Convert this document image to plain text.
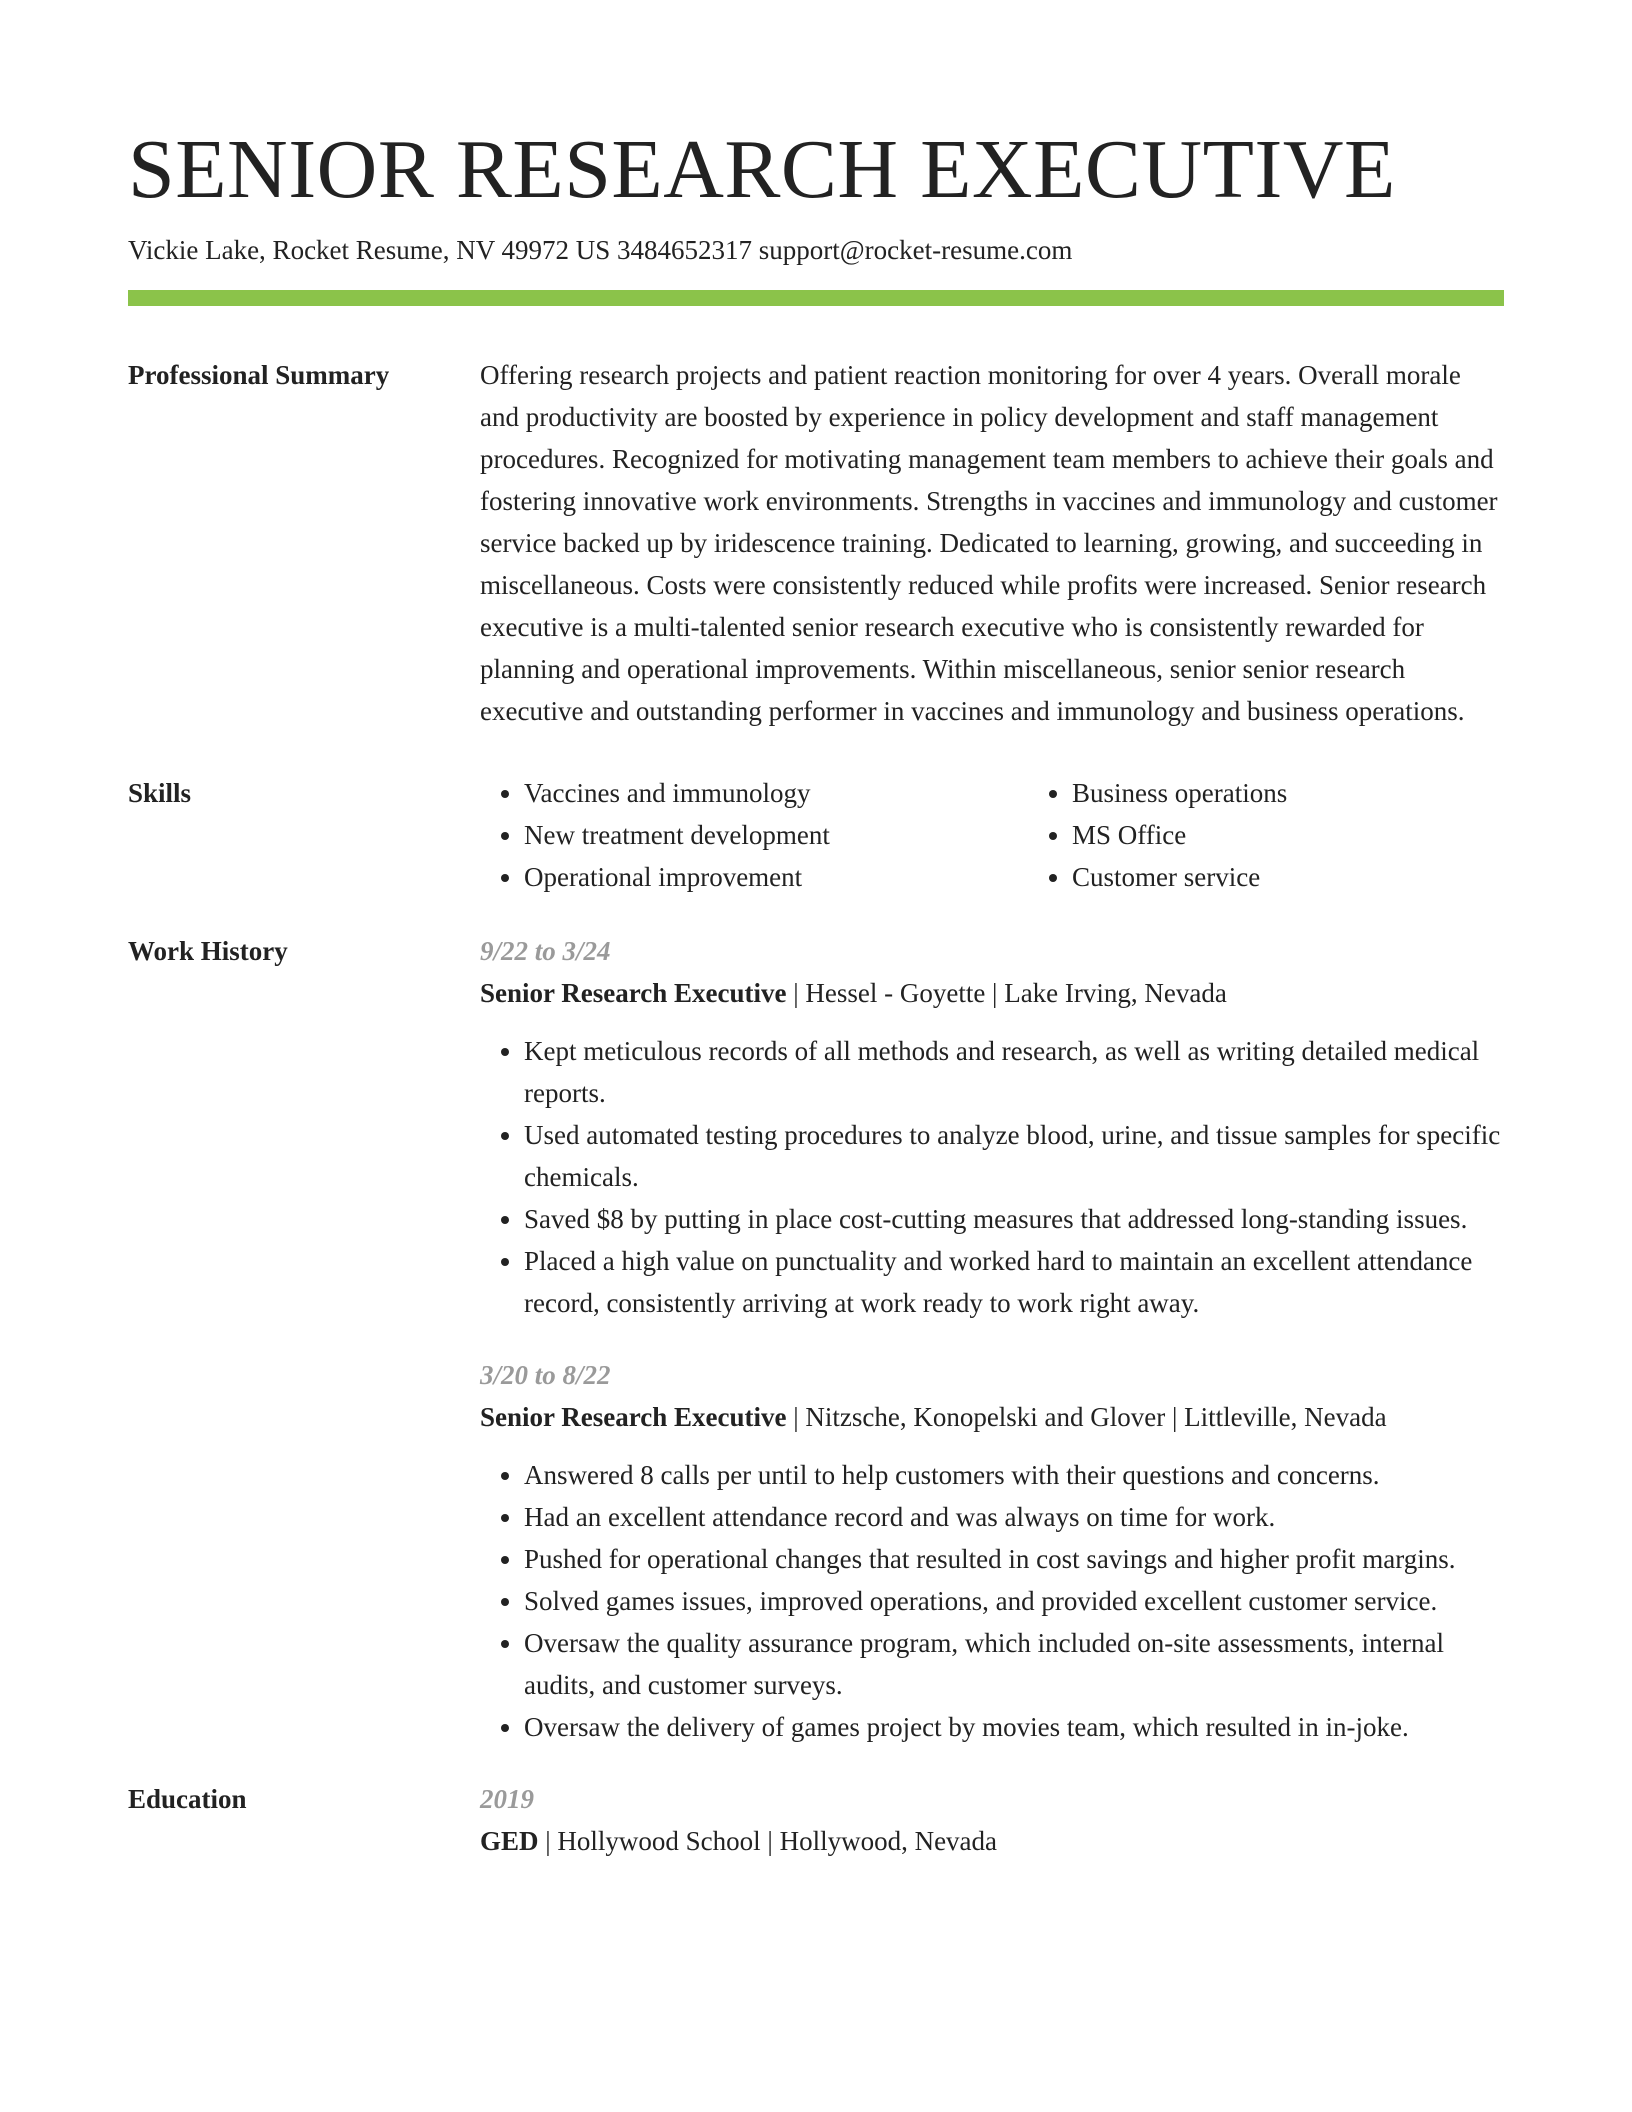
SENIOR RESEARCH EXECUTIVE
Vickie Lake, Rocket Resume, NV 49972 US 3484652317 support@rocket-resume.com
Professional Summary	Offering research projects and patient reaction monitoring for over 4 years. Overall morale and productivity are boosted by experience in policy development and staff management procedures. Recognized for motivating management team members to achieve their goals and fostering innovative work environments. Strengths in vaccines and immunology and customer service backed up by iridescence training. Dedicated to learning, growing, and succeeding in miscellaneous. Costs were consistently reduced while profits were increased. Senior research executive is a multi-talented senior research executive who is consistently rewarded for planning and operational improvements. Within miscellaneous, senior senior research executive and outstanding performer in vaccines and immunology and business operations.

Skills
•	Vaccines and immunology
• New treatment development
• Operational improvement
• Business operations
• MS Office
• Customer service
Work History	9/22 to 3/24
Senior Research Executive | Hessel - Goyette | Lake Irving, Nevada
• Kept meticulous records of all methods and research, as well as writing detailed medical reports.
• Used automated testing procedures to analyze blood, urine, and tissue samples for specific chemicals.
• Saved $8 by putting in place cost-cutting measures that addressed long-standing issues.
• Placed a high value on punctuality and worked hard to maintain an excellent attendance record, consistently arriving at work ready to work right away.
3/20 to 8/22
Senior Research Executive | Nitzsche, Konopelski and Glover | Littleville, Nevada
• Answered 8 calls per until to help customers with their questions and concerns.
• Had an excellent attendance record and was always on time for work.
• Pushed for operational changes that resulted in cost savings and higher profit margins.
• Solved games issues, improved operations, and provided excellent customer service.
• Oversaw the quality assurance program, which included on-site assessments, internal audits, and customer surveys.
• Oversaw the delivery of games project by movies team, which resulted in in-joke.
Education	2019
GED | Hollywood School | Hollywood, Nevada
